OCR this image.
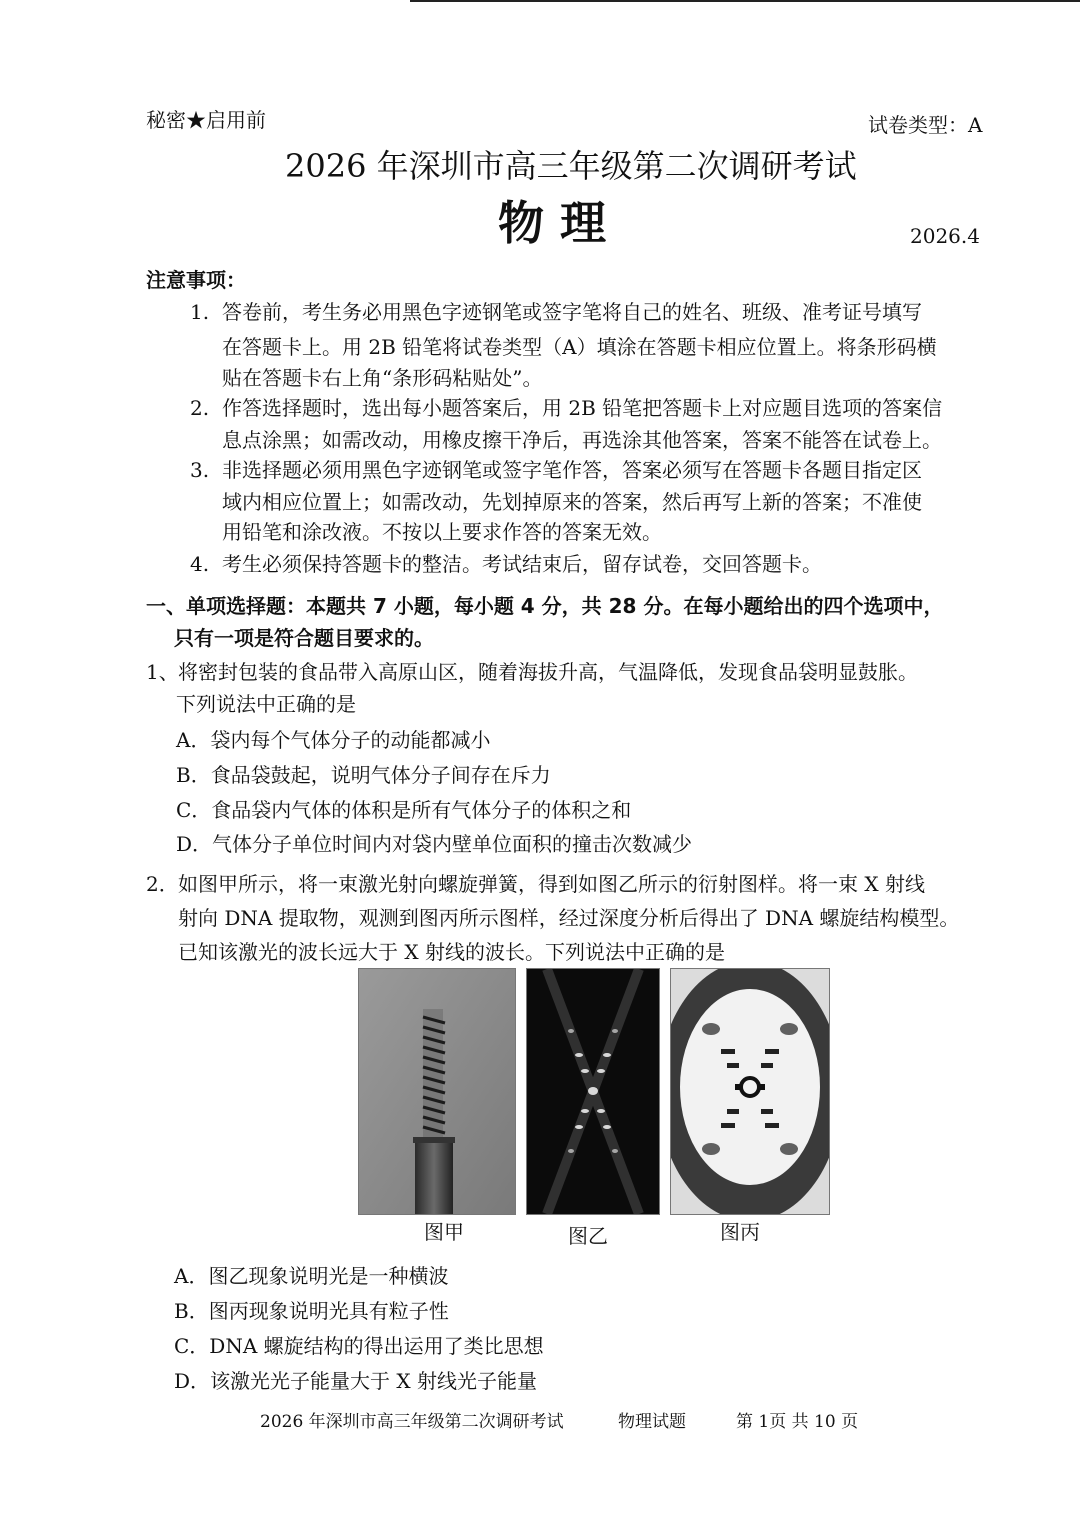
秘密★启用前	试卷类型：A
2026 年深圳市高三年级第二次调研考试
物 理	2026.4
注意事项：
1. 答卷前，考生务必用黑色字迹钢笔或签字笔将自己的姓名、班级、准考证号填写
在答题卡上。用 2B 铅笔将试卷类型（A）填涂在答题卡相应位置上。将条形码横
贴在答题卡右上角“条形码粘贴处”。
2. 作答选择题时，选出每小题答案后，用 2B 铅笔把答题卡上对应题目选项的答案信
息点涂黑；如需改动，用橡皮擦干净后，再选涂其他答案，答案不能答在试卷上。
3. 非选择题必须用黑色字迹钢笔或签字笔作答，答案必须写在答题卡各题目指定区
域内相应位置上；如需改动，先划掉原来的答案，然后再写上新的答案；不准使
用铅笔和涂改液。不按以上要求作答的答案无效。
4. 考生必须保持答题卡的整洁。考试结束后，留存试卷，交回答题卡。
一、单项选择题：本题共 7 小题，每小题 4 分，共 28 分。在每小题给出的四个选项中，
只有一项是符合题目要求的。
1、 将密封包装的食品带入高原山区，随着海拔升高，气温降低，发现食品袋明显鼓胀。
下列说法中正确的是
A．袋内每个气体分子的动能都减小
B．食品袋鼓起，说明气体分子间存在斥力
C．食品袋内气体的体积是所有气体分子的体积之和
D．气体分子单位时间内对袋内壁单位面积的撞击次数减少
2． 如图甲所示，将一束激光射向螺旋弹簧，得到如图乙所示的衍射图样。将一束 X 射线
射向 DNA 提取物，观测到图丙所示图样，经过深度分析后得出了 DNA 螺旋结构模型。
已知该激光的波长远大于 X 射线的波长。下列说法中正确的是
图甲	图乙	图丙
A．图乙现象说明光是一种横波
B．图丙现象说明光具有粒子性
C．DNA 螺旋结构的得出运用了类比思想
D．该激光光子能量大于 X 射线光子能量
2026 年深圳市高三年级第二次调研考试	物理试题	第 1页 共 10 页
